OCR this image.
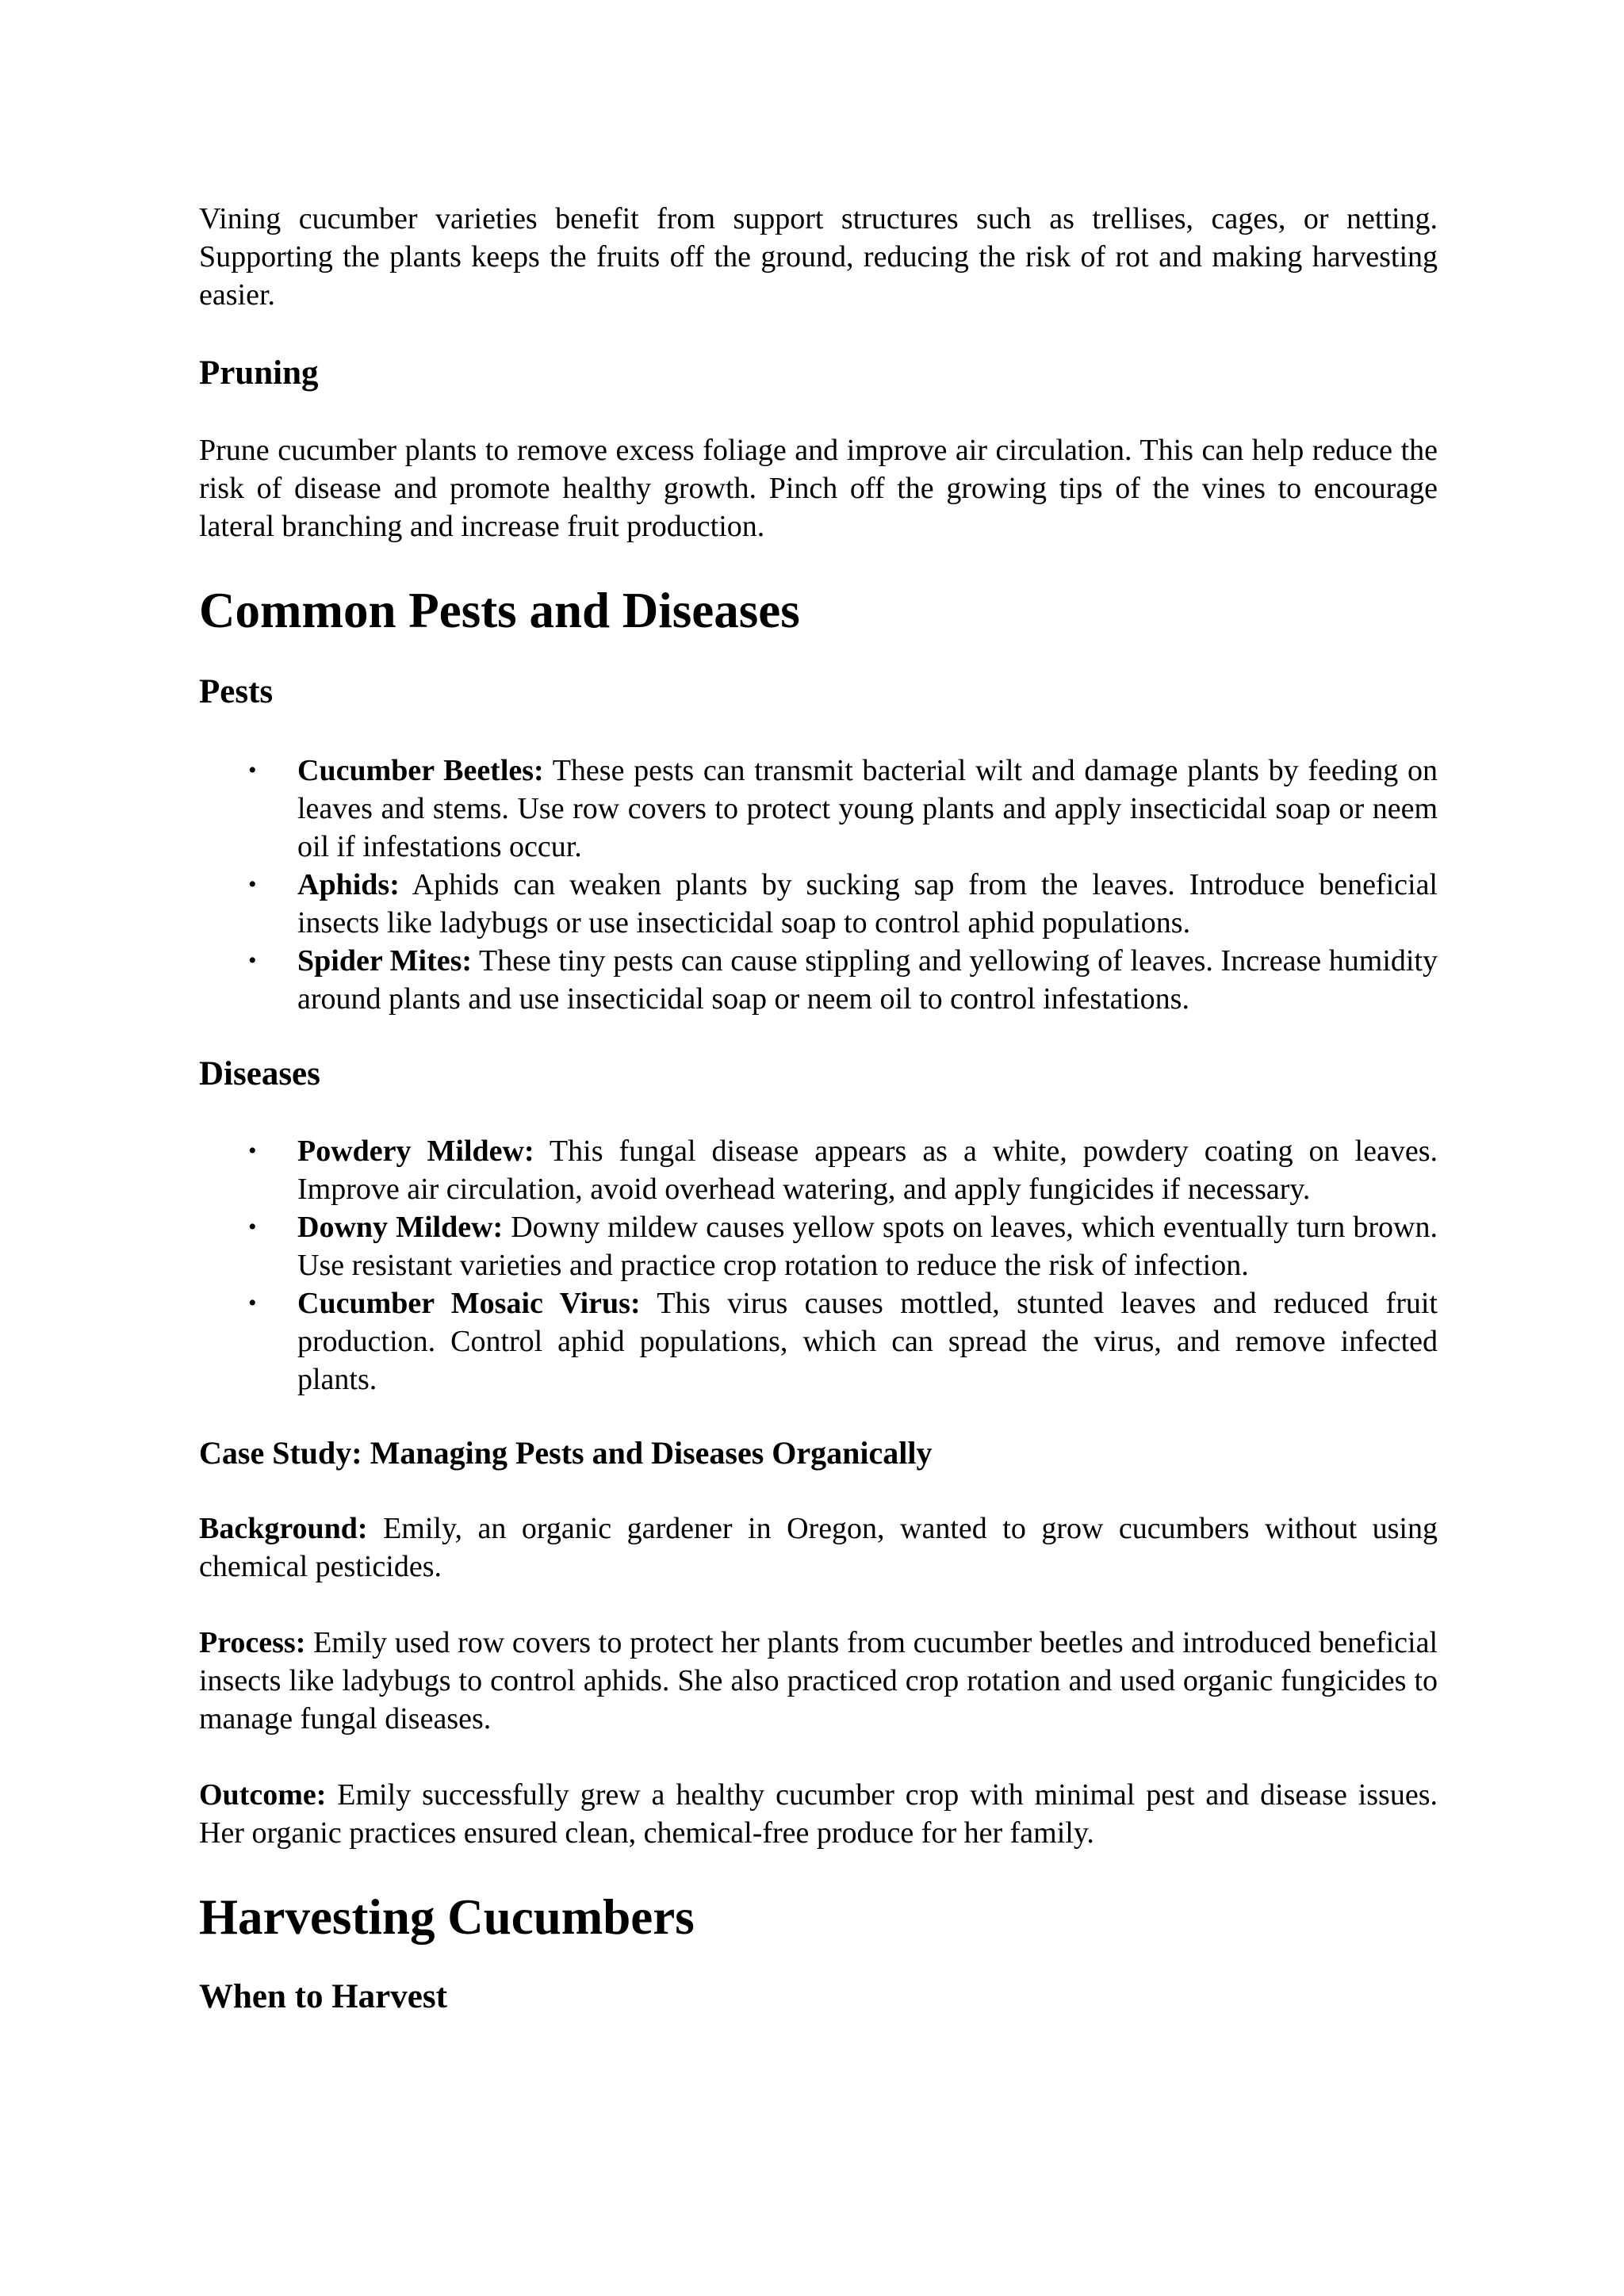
Vining cucumber varieties benefit from support structures such as trellises, cages, or netting. Supporting the plants keeps the fruits off the ground, reducing the risk of rot and making harvesting easier.

Pruning

Prune cucumber plants to remove excess foliage and improve air circulation. This can help reduce the risk of disease and promote healthy growth. Pinch off the growing tips of the vines to encourage lateral branching and increase fruit production.

Common Pests and Diseases
Pests
• Cucumber Beetles: These pests can transmit bacterial wilt and damage plants by feeding on leaves and stems. Use row covers to protect young plants and apply insecticidal soap or neem oil if infestations occur.
• Aphids: Aphids can weaken plants by sucking sap from the leaves. Introduce beneficial insects like ladybugs or use insecticidal soap to control aphid populations.
• Spider Mites: These tiny pests can cause stippling and yellowing of leaves. Increase humidity around plants and use insecticidal soap or neem oil to control infestations.
Diseases
• Powdery Mildew: This fungal disease appears as a white, powdery coating on leaves. Improve air circulation, avoid overhead watering, and apply fungicides if necessary.
• Downy Mildew: Downy mildew causes yellow spots on leaves, which eventually turn brown. Use resistant varieties and practice crop rotation to reduce the risk of infection.
• Cucumber Mosaic Virus: This virus causes mottled, stunted leaves and reduced fruit production. Control aphid populations, which can spread the virus, and remove infected plants.
Case Study: Managing Pests and Diseases Organically

Background: Emily, an organic gardener in Oregon, wanted to grow cucumbers without using chemical pesticides.

Process: Emily used row covers to protect her plants from cucumber beetles and introduced beneficial insects like ladybugs to control aphids. She also practiced crop rotation and used organic fungicides to manage fungal diseases.

Outcome: Emily successfully grew a healthy cucumber crop with minimal pest and disease issues. Her organic practices ensured clean, chemical-free produce for her family.

Harvesting Cucumbers
When to Harvest
